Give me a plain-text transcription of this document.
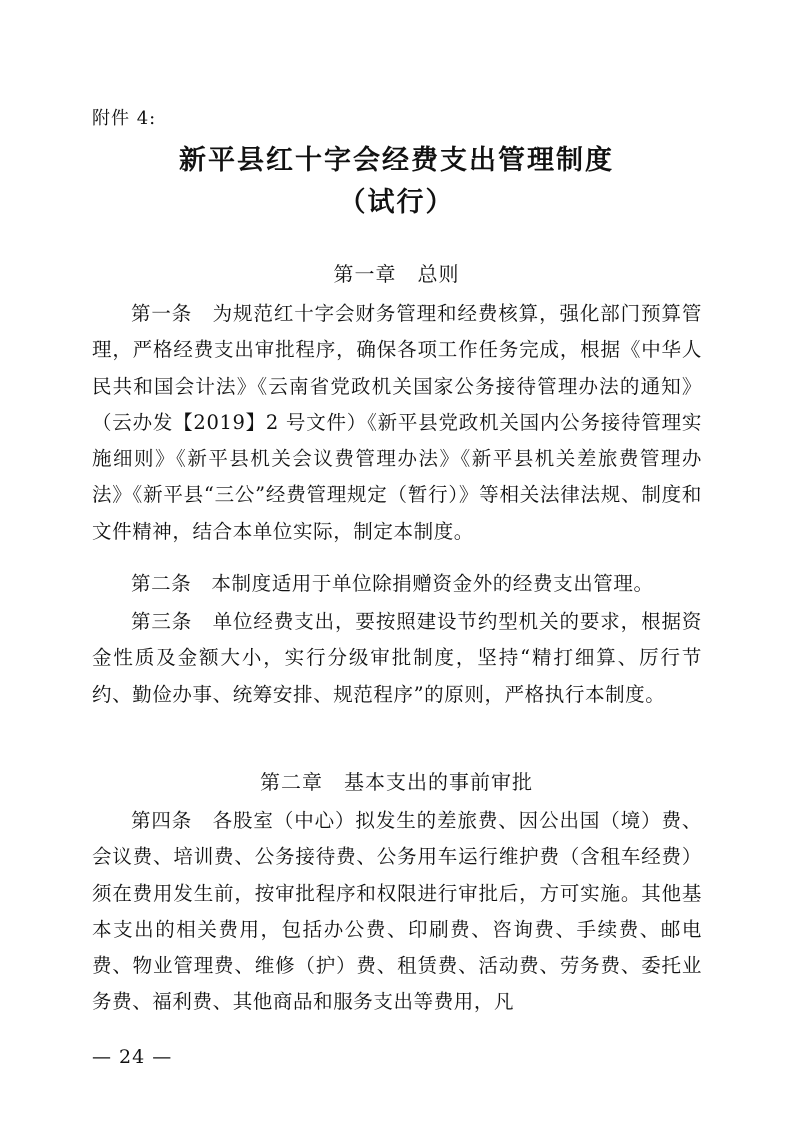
附件 4:
新平县红十字会经费支出管理制度
（试行）
第一章　总则
第一条　为规范红十字会财务管理和经费核算，强化部门预算管理，严格经费支出审批程序，确保各项工作任务完成，根据《中华人民共和国会计法》《云南省党政机关国家公务接待管理办法的通知》（云办发【2019】2 号文件）《新平县党政机关国内公务接待管理实施细则》《新平县机关会议费管理办法》《新平县机关差旅费管理办法》《新平县“三公”经费管理规定（暂行）》等相关法律法规、制度和文件精神，结合本单位实际，制定本制度。
第二条　本制度适用于单位除捐赠资金外的经费支出管理。
第三条　单位经费支出，要按照建设节约型机关的要求，根据资金性质及金额大小，实行分级审批制度，坚持“精打细算、厉行节约、勤俭办事、统筹安排、规范程序”的原则，严格执行本制度。
第二章　基本支出的事前审批
第四条　各股室（中心）拟发生的差旅费、因公出国（境）费、会议费、培训费、公务接待费、公务用车运行维护费（含租车经费）须在费用发生前，按审批程序和权限进行审批后，方可实施。其他基本支出的相关费用，包括办公费、印刷费、咨询费、手续费、邮电费、物业管理费、维修（护）费、租赁费、活动费、劳务费、委托业务费、福利费、其他商品和服务支出等费用，凡
— 24 —
